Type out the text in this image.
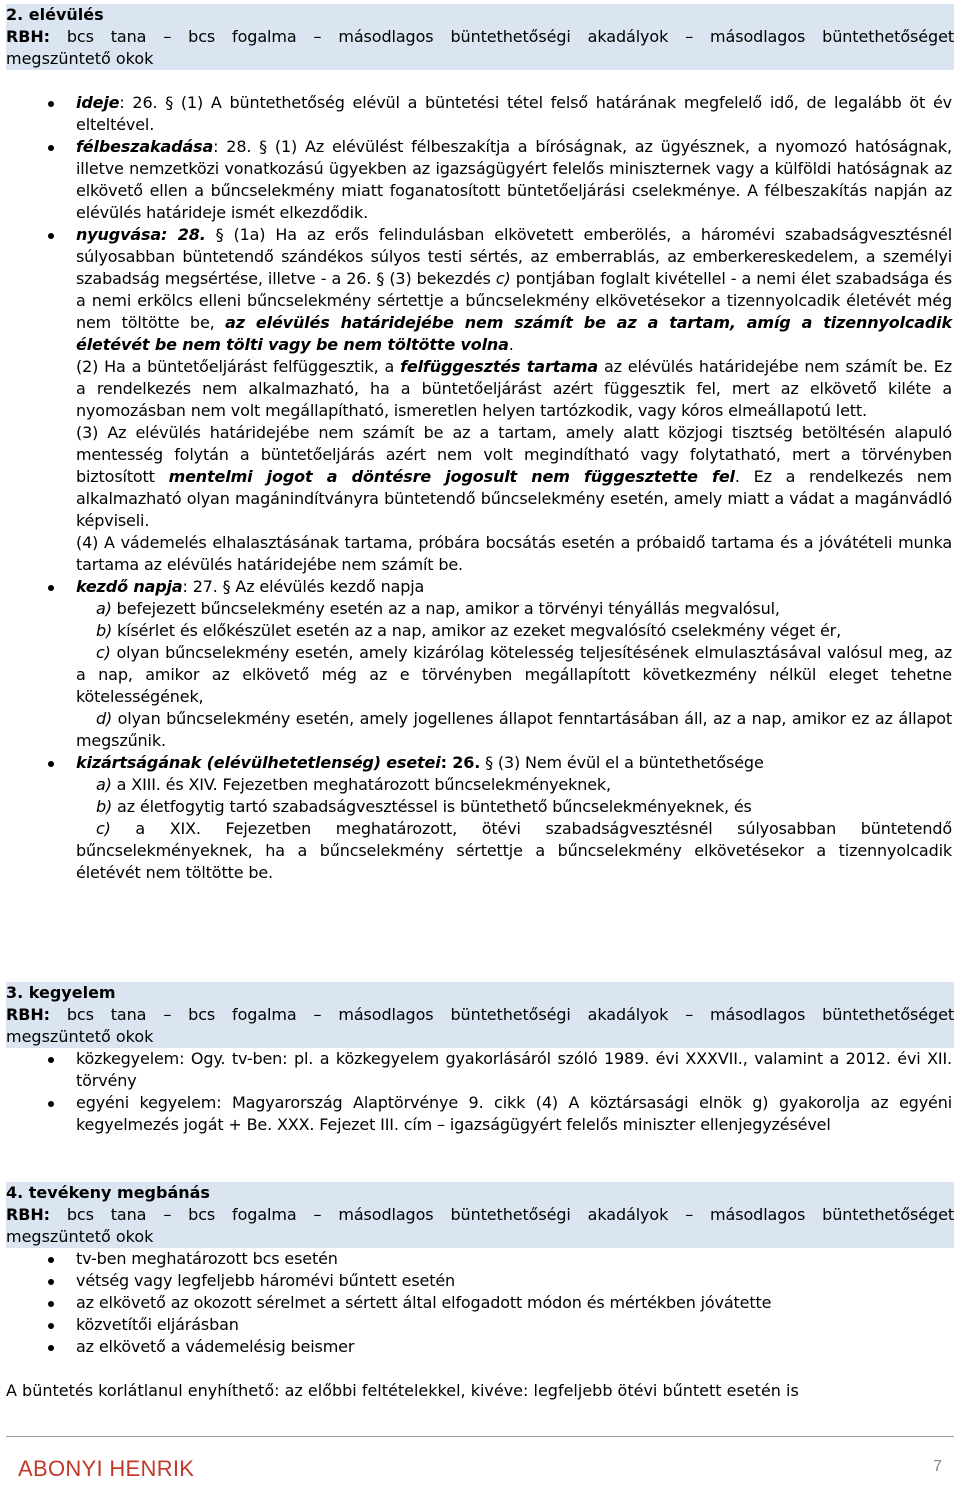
2. elévülés
RBH: bcs tana – bcs fogalma – másodlagos büntethetőségi akadályok – másodlagos büntethetőséget
megszüntető okok
ideje: 26. § (1) A büntethetőség elévül a büntetési tétel felső határának megfelelő idő, de legalább öt év elteltével.
félbeszakadása: 28. § (1) Az elévülést félbeszakítja a bíróságnak, az ügyésznek, a nyomozó hatóságnak, illetve nemzetközi vonatkozású ügyekben az igazságügyért felelős miniszternek vagy a külföldi hatóságnak az elkövető ellen a bűncselekmény miatt foganatosított büntetőeljárási cselekménye. A félbeszakítás napján az elévülés határideje ismét elkezdődik.
nyugvása: 28. § (1a) Ha az erős felindulásban elkövetett emberölés, a háromévi szabadságvesztésnél súlyosabban büntetendő szándékos súlyos testi sértés, az emberrablás, az emberkereskedelem, a személyi szabadság megsértése, illetve - a 26. § (3) bekezdés c) pontjában foglalt kivétellel - a nemi élet szabadsága és a nemi erkölcs elleni bűncselekmény sértettje a bűncselekmény elkövetésekor a tizennyolcadik életévét még nem töltötte be, az elévülés határidejébe nem számít be az a tartam, amíg a tizennyolcadik életévét be nem tölti vagy be nem töltötte volna.
(2) Ha a büntetőeljárást felfüggesztik, a felfüggesztés tartama az elévülés határidejébe nem számít be. Ez a rendelkezés nem alkalmazható, ha a büntetőeljárást azért függesztik fel, mert az elkövető kiléte a nyomozásban nem volt megállapítható, ismeretlen helyen tartózkodik, vagy kóros elmeállapotú lett.
(3) Az elévülés határidejébe nem számít be az a tartam, amely alatt közjogi tisztség betöltésén alapuló mentesség folytán a büntetőeljárás azért nem volt megindítható vagy folytatható, mert a törvényben biztosított mentelmi jogot a döntésre jogosult nem függesztette fel. Ez a rendelkezés nem alkalmazható olyan magánindítványra büntetendő bűncselekmény esetén, amely miatt a vádat a magánvádló képviseli.
(4) A vádemelés elhalasztásának tartama, próbára bocsátás esetén a próbaidő tartama és a jóvátételi munka tartama az elévülés határidejébe nem számít be.
kezdő napja: 27. § Az elévülés kezdő napja
a) befejezett bűncselekmény esetén az a nap, amikor a törvényi tényállás megvalósul,
b) kísérlet és előkészület esetén az a nap, amikor az ezeket megvalósító cselekmény véget ér,
c) olyan bűncselekmény esetén, amely kizárólag kötelesség teljesítésének elmulasztásával valósul meg, az a nap, amikor az elkövető még az e törvényben megállapított következmény nélkül eleget tehetne kötelességének,
d) olyan bűncselekmény esetén, amely jogellenes állapot fenntartásában áll, az a nap, amikor ez az állapot megszűnik.
kizártságának (elévülhetetlenség) esetei: 26. § (3) Nem évül el a büntethetősége
a) a XIII. és XIV. Fejezetben meghatározott bűncselekményeknek,
b) az életfogytig tartó szabadságvesztéssel is büntethető bűncselekményeknek, és
c) a XIX. Fejezetben meghatározott, ötévi szabadságvesztésnél súlyosabban büntetendő bűncselekményeknek, ha a bűncselekmény sértettje a bűncselekmény elkövetésekor a tizennyolcadik életévét nem töltötte be.
3. kegyelem
RBH: bcs tana – bcs fogalma – másodlagos büntethetőségi akadályok – másodlagos büntethetőséget
megszüntető okok
közkegyelem: Ogy. tv-ben: pl. a közkegyelem gyakorlásáról szóló 1989. évi XXXVII., valamint a 2012. évi XII. törvény
egyéni kegyelem: Magyarország Alaptörvénye 9. cikk (4) A köztársasági elnök g) gyakorolja az egyéni kegyelmezés jogát + Be. XXX. Fejezet III. cím – igazságügyért felelős miniszter ellenjegyzésével
4. tevékeny megbánás
RBH: bcs tana – bcs fogalma – másodlagos büntethetőségi akadályok – másodlagos büntethetőséget
megszüntető okok
tv-ben meghatározott bcs esetén
vétség vagy legfeljebb háromévi bűntett esetén
az elkövető az okozott sérelmet a sértett által elfogadott módon és mértékben jóvátette
közvetítői eljárásban
az elkövető a vádemelésig beismer
A büntetés korlátlanul enyhíthető: az előbbi feltételekkel, kivéve: legfeljebb ötévi bűntett esetén is
ABONYI HENRIK	7
